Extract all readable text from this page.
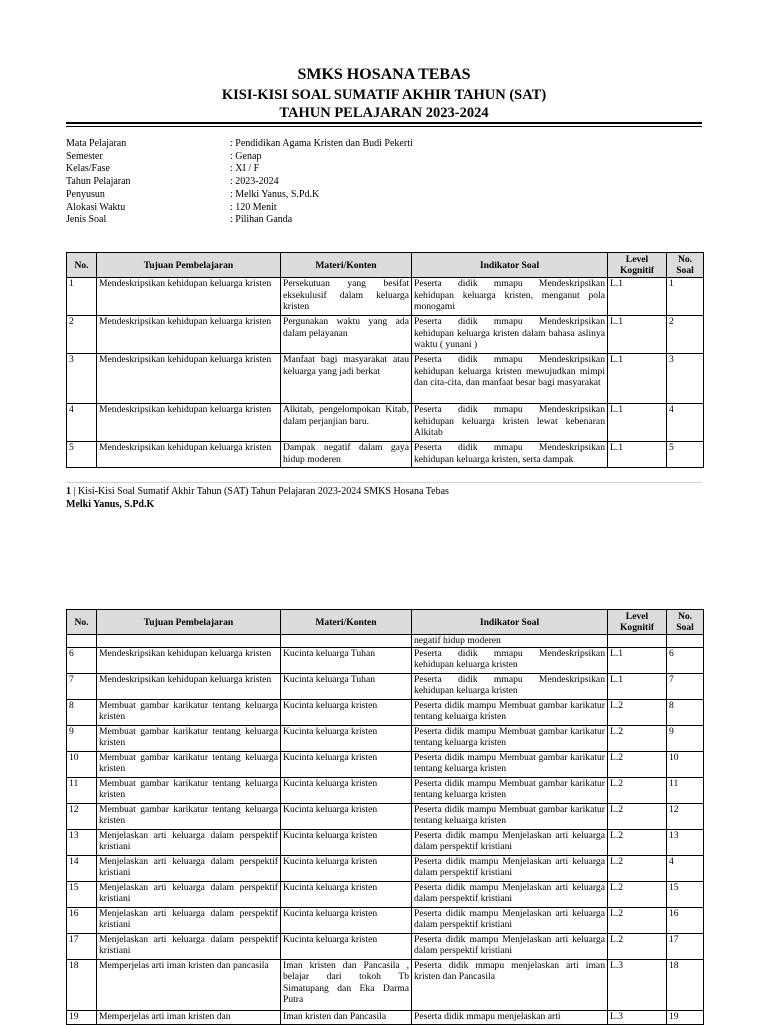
SMKS HOSANA TEBAS
KISI-KISI SOAL SUMATIF AKHIR TAHUN (SAT)
TAHUN PELAJARAN 2023-2024
Mata Pelajaran	: Pendidikan Agama Kristen dan Budi Pekerti
Semester	: Genap
Kelas/Fase	: XI / F
Tahun Pelajaran	: 2023-2024
Penyusun	: Melki Yanus, S.Pd.K
Alokasi Waktu	: 120 Menit
Jenis Soal	: Pilihan Ganda
No.	Tujuan Pembelajaran	Materi/Konten	Indikator Soal	Level Kognitif	No. Soal
1	Mendeskripsikan kehidupan keluarga kristen	Persekutuan yang besifat eksekulusif dalam keluarga kristen	Peserta didik mmapu Mendeskripsikan kehidupan keluarga kristen, menganut pola monogami	L.1	1
2	Mendeskripsikan kehidupan keluarga kristen	Pergunakan waktu yang ada dalam pelayanan	Peserta didik mmapu Mendeskripsikan kehidupan keluarga kristen dalam bahasa aslinya waktu ( yunani )	L.1	2
3	Mendeskripsikan kehidupan keluarga kristen	Manfaat bagi masyarakat atau keluarga yang jadi berkat	Peserta didik mmapu Mendeskripsikan kehidupan keluarga kristen mewujudkan mimpi dan cita-cita, dan manfaat besar bagi masyarakat	L.1	3
4	Mendeskripsikan kehidupan keluarga kristen	Alkitab, pengelompokan Kitab, dalam perjanjian baru.	Peserta didik mmapu Mendeskripsikan kehidupan keluarga kristen lewat kebenaran Alkitab	L.1	4
5	Mendeskripsikan kehidupan keluarga kristen	Dampak negatif dalam gaya hidup moderen	Peserta didik mmapu Mendeskripsikan kehidupan keluarga kristen, serta dampak	L.1	5
1 | Kisi-Kisi Soal Sumatif Akhir Tahun (SAT) Tahun Pelajaran 2023-2024 SMKS Hosana Tebas
Melki Yanus, S.Pd.K
No.	Tujuan Pembelajaran	Materi/Konten	Indikator Soal	Level Kognitif	No. Soal
			negatif hidup moderen		
6	Mendeskripsikan kehidupan keluarga kristen	Kucinta keluarga Tuhan	Peserta didik mmapu Mendeskripsikan kehidupan keluarga kristen	L.1	6
7	Mendeskripsikan kehidupan keluarga kristen	Kucinta keluarga Tuhan	Peserta didik mmapu Mendeskripsikan kehidupan keluarga kristen	L.1	7
8	Membuat gambar karikatur tentang keluarga kristen	Kucinta keluarga kristen	Peserta didik mampu Membuat gambar karikatur tentang keluarga kristen	L.2	8
9	Membuat gambar karikatur tentang keluarga kristen	Kucinta keluarga kristen	Peserta didik mampu Membuat gambar karikatur tentang keluarga kristen	L.2	9
10	Membuat gambar karikatur tentang keluarga kristen	Kucinta keluarga kristen	Peserta didik mampu Membuat gambar karikatur tentang keluarga kristen	L.2	10
11	Membuat gambar karikatur tentang keluarga kristen	Kucinta keluarga kristen	Peserta didik mampu Membuat gambar karikatur tentang keluarga kristen	L.2	11
12	Membuat gambar karikatur tentang keluarga kristen	Kucinta keluarga kristen	Peserta didik mampu Membuat gambar karikatur tentang keluarga kristen	L.2	12
13	Menjelaskan arti keluarga dalam perspektif kristiani	Kucinta keluarga kristen	Peserta didik mampu Menjelaskan arti keluarga dalam perspektif kristiani	L.2	13
14	Menjelaskan arti keluarga dalam perspektif kristiani	Kucinta keluarga kristen	Peserta didik mampu Menjelaskan arti keluarga dalam perspektif kristiani	L.2	4
15	Menjelaskan arti keluarga dalam perspektif kristiani	Kucinta keluarga kristen	Peserta didik mampu Menjelaskan arti keluarga dalam perspektif kristiani	L.2	15
16	Menjelaskan arti keluarga dalam perspektif kristiani	Kucinta keluarga kristen	Peserta didik mampu Menjelaskan arti keluarga dalam perspektif kristiani	L.2	16
17	Menjelaskan arti keluarga dalam perspektif kristiani	Kucinta keluarga kristen	Peserta didik mampu Menjelaskan arti keluarga dalam perspektif kristiani	L.2	17
18	Memperjelas arti iman kristen dan pancasila	Iman kristen dan Pancasila , belajar dari tokoh Tb Simatupang dan Eka Darma Putra	Peserta didik mmapu menjelaskan arti iman kristen dan Pancasila	L.3	18
19	Memperjelas arti iman kristen dan	Iman kristen dan Pancasila	Peserta didik mmapu menjelaskan arti	L.3	19
